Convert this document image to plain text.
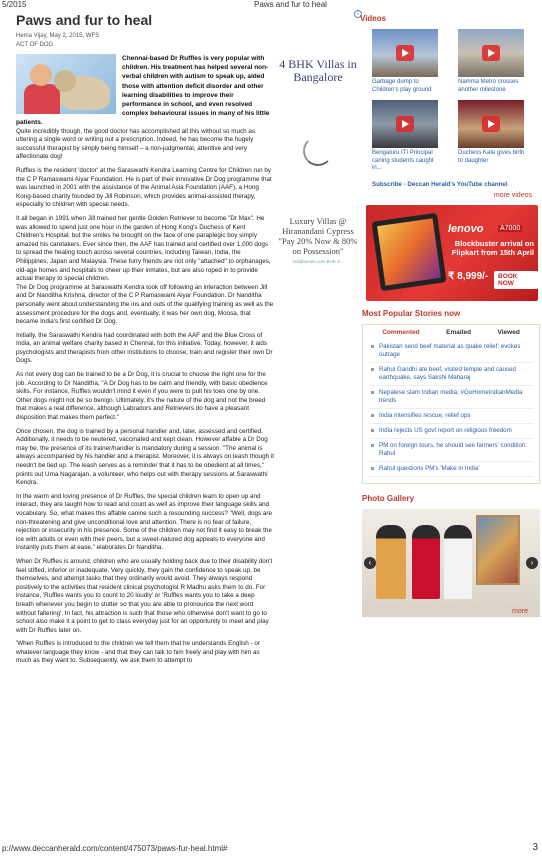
​5/2015	Paws and fur to heal
Paws and fur to heal
Hema Vijay, May 2, 2015, WFS
ACT OF DOG
Chennai-based Dr Ruffles is very popular with children. His treatment has helped several non-verbal children with autism to speak up, aided those with attention deficit disorder and other learning disabilities to improve their performance in school, and even resolved complex behavioural issues in many of his little patients.

Quite incredibly though, the good doctor has accomplished all this without so much as uttering a single word or writing out a prescription. Indeed, he has become the hugely successful therapist by simply being himself – a non-judgmental, attentive and very affectionate dog!

Ruffles is the resident 'doctor' at the Saraswathi Kendra Learning Centre for Children run by the C P Ramaswami Aiyar Foundation. He is part of their innovative Dr Dog programme that was launched in 2001 with the assistance of the Animal Asia Foundation (AAF), a Hong Kong-based charity founded by Jill Robinson, which provides animal-assisted therapy, especially to children with special needs.

It all began in 1991 when Jill trained her gentle Golden Retriever to become "Dr Max". He was allowed to spend just one hour in the garden of Hong Kong's Duchess of Kent Children's Hospital; but the smiles he brought on the face of one paraplegic boy simply amazed his caretakers. Ever since then, the AAF has trained and certified over 1,000 dogs to spread the healing touch across several countries, including Taiwan, India, the Philippines, Japan and Malaysia. These furry friends are not only "attached" to orphanages, old-age homes and hospitals to cheer up their inmates, but are also roped in to provide actual therapy to special children.

The Dr Dog programme at Saraswathi Kendra took off following an interaction between Jill and Dr Nanditha Krishna, director of the C P Ramaswami Aiyar Foundation. Dr Nanditha personally went about understanding the ins and outs of the qualifying training as well as the assessment procedure for the dogs and, eventually, it was her own dog, Moosa, that became India's first certified Dr Dog.

Initially, the Saraswathi Kendra had coordinated with both the AAF and the Blue Cross of India, an animal welfare charity based in Chennai, for this initiative. Today, however, it aids psychologists and therapists from other institutions to choose, train and register their own Dr Dogs.

As not every dog can be trained to be a Dr Dog, it is crucial to choose the right one for the job. According to Dr Nanditha, "A Dr Dog has to be calm and friendly, with basic obedience skills. For instance, Ruffles wouldn't mind it even if you were to pull his toes one by one. Other dogs might not be so benign. Ultimately, it's the nature of the dog and not the breed that makes a real difference, although Labradors and Retrievers do have a pleasant disposition that makes them perfect."

Once chosen, the dog is trained by a personal handler and, later, assessed and certified. Additionally, it needs to be neutered, vaccinated and kept clean. However affable a Dr Dog may be, the presence of its trainer/handler is mandatory during a session. "The animal is always accompanied by his handler and a therapist. Moreover, it is always on leash though it needn't be tied up. The leash serves as a reminder that it has to be obedient at all times," points out Uma Nagarajan, a volunteer, who helps out with therapy sessions at Saraswathi Kendra.

In the warm and loving presence of Dr Ruffles, the special children learn to open up and interact, they are taught how to read and count as well as improve their language skills and vocabulary. So, what makes this affable canine such a resounding success? "Well, dogs are non-threatening and give unconditional love and attention. There is no fear of failure, rejection or insecurity in his presence. Some of the children may not find it easy to break the ice with adults or even with their peers, but a sweet-natured dog appeals to everyone and instantly puts them at ease," elaborates Dr Nanditha.

When Dr Ruffles is around, children who are usually holding back due to their disability don't feel stifled, inferior or inadequate. Very quickly, they gain the confidence to speak up, be themselves, and attempt tasks that they ordinarily would avoid. They always respond positively to the activities that resident clinical psychologist R Madhu asks them to do. For instance, 'Ruffles wants you to count to 20 loudly' or 'Ruffles wants you to take a deep breath whenever you begin to stutter so that you are able to pronounce the next word without faltering'. In fact, his attraction is such that those who otherwise don't want to go to school also make it a point to get to class everyday just for an opportunity to meet and play with Dr Ruffles later on.

'When Ruffles is introduced to the children we tell them that he understands English - or whatever language they know - and that they can talk to him freely and play with him as much as they want to. Subsequently, we ask them to attempt to

i
4 BHK Villas in Bangalore
Luxury Villas @ Hiranandani Cypress "Pay 20% Now & 80% on Possession"
indiahomes.com BHK d...
Videos
Garbage dump to Children's play ground
Namma Metro crosses another milestone
Bengaluru ITI Principal caning students caught in...
Duchess Kate gives birth to daughter
Subscribe - Deccan Herald's YouTube channel
more videos
lenovo A7000
Blockbuster arrival on Flipkart from 15th April
₹ 8,999/-	BOOK NOW
Most Popular Stories now
Commented	Emailed	Viewed
Pakistan send beef material as quake relief; evokes outrage
Rahul Gandhi ate beef, visited temple and caused earthquake, says Sakshi Maharaj
Nepalese slam Indian media, #GoHomeIndianMedia trends
India intensifies rescue, relief ops
India rejects US govt report on religious freedom
PM on foreign tours, he should see farmers' condition: Rahul
Rahul questions PM's 'Make in India'
Photo Gallery
‹	›
ANAHATA PAINTING EXHIBITION AT THE HAVELI
more
p://www.deccanherald.com/content/475073/paws-fur-heal.html#	3
